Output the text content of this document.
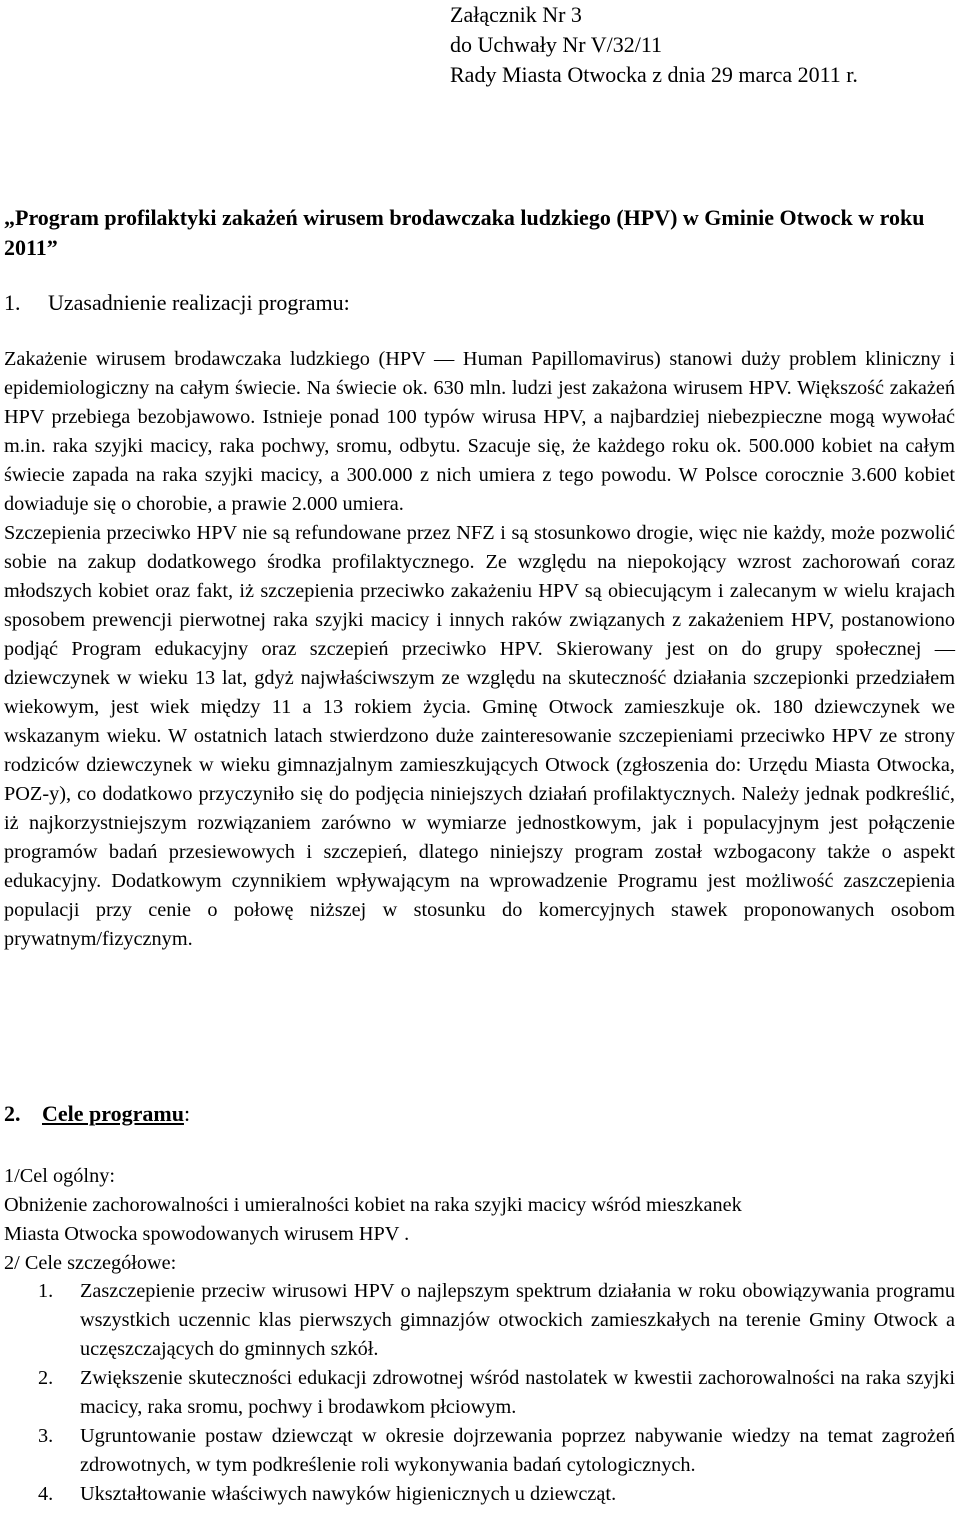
Załącznik Nr 3
do Uchwały Nr V/32/11
Rady Miasta Otwocka z dnia 29 marca 2011 r.
„Program profilaktyki zakażeń wirusem brodawczaka ludzkiego (HPV) w Gminie Otwock w roku 2011”
1. Uzasadnienie realizacji programu:

Zakażenie wirusem brodawczaka ludzkiego (HPV — Human Papillomavirus) stanowi duży problem kliniczny i epidemiologiczny na całym świecie. Na świecie ok. 630 mln. ludzi jest zakażona wirusem HPV. Większość zakażeń HPV przebiega bezobjawowo. Istnieje ponad 100 typów wirusa HPV, a najbardziej niebezpieczne mogą wywołać m.in. raka szyjki macicy, raka pochwy, sromu, odbytu. Szacuje się, że każdego roku ok. 500.000 kobiet na całym świecie zapada na raka szyjki macicy, a 300.000 z nich umiera z tego powodu. W Polsce corocznie 3.600 kobiet dowiaduje się o chorobie, a prawie 2.000 umiera.

Szczepienia przeciwko HPV nie są refundowane przez NFZ i są stosunkowo drogie, więc nie każdy, może pozwolić sobie na zakup dodatkowego środka profilaktycznego. Ze względu na niepokojący wzrost zachorowań coraz młodszych kobiet oraz fakt, iż szczepienia przeciwko zakażeniu HPV są obiecującym i zalecanym w wielu krajach sposobem prewencji pierwotnej raka szyjki macicy i innych raków związanych z zakażeniem HPV, postanowiono podjąć Program edukacyjny oraz szczepień przeciwko HPV. Skierowany jest on do grupy społecznej — dziewczynek w wieku 13 lat, gdyż najwłaściwszym ze względu na skuteczność działania szczepionki przedziałem wiekowym, jest wiek między 11 a 13 rokiem życia. Gminę Otwock zamieszkuje ok. 180 dziewczynek we wskazanym wieku. W ostatnich latach stwierdzono duże zainteresowanie szczepieniami przeciwko HPV ze strony rodziców dziewczynek w wieku gimnazjalnym zamieszkujących Otwock (zgłoszenia do: Urzędu Miasta Otwocka, POZ-y), co dodatkowo przyczyniło się do podjęcia niniejszych działań profilaktycznych. Należy jednak podkreślić, iż najkorzystniejszym rozwiązaniem zarówno w wymiarze jednostkowym, jak i populacyjnym jest połączenie programów badań przesiewowych i szczepień, dlatego niniejszy program został wzbogacony także o aspekt edukacyjny. Dodatkowym czynnikiem wpływającym na wprowadzenie Programu jest możliwość zaszczepienia populacji przy cenie o połowę niższej w stosunku do komercyjnych stawek proponowanych osobom prywatnym/fizycznym.

2. Cele programu:
1/Cel ogólny:
Obniżenie zachorowalności i umieralności kobiet na raka szyjki macicy wśród mieszkanek
Miasta Otwocka spowodowanych wirusem HPV .
2/ Cele szczegółowe:
1.	Zaszczepienie przeciw wirusowi HPV o najlepszym spektrum działania w roku obowiązywania programu wszystkich uczennic klas pierwszych gimnazjów otwockich zamieszkałych na terenie Gminy Otwock a uczęszczających do gminnych szkół.
2.	Zwiększenie skuteczności edukacji zdrowotnej wśród nastolatek w kwestii zachorowalności na raka szyjki macicy, raka sromu, pochwy i brodawkom płciowym.
3.	Ugruntowanie postaw dziewcząt w okresie dojrzewania poprzez nabywanie wiedzy na temat zagrożeń zdrowotnych, w tym podkreślenie roli wykonywania badań cytologicznych.
4.	Ukształtowanie właściwych nawyków higienicznych u dziewcząt.
